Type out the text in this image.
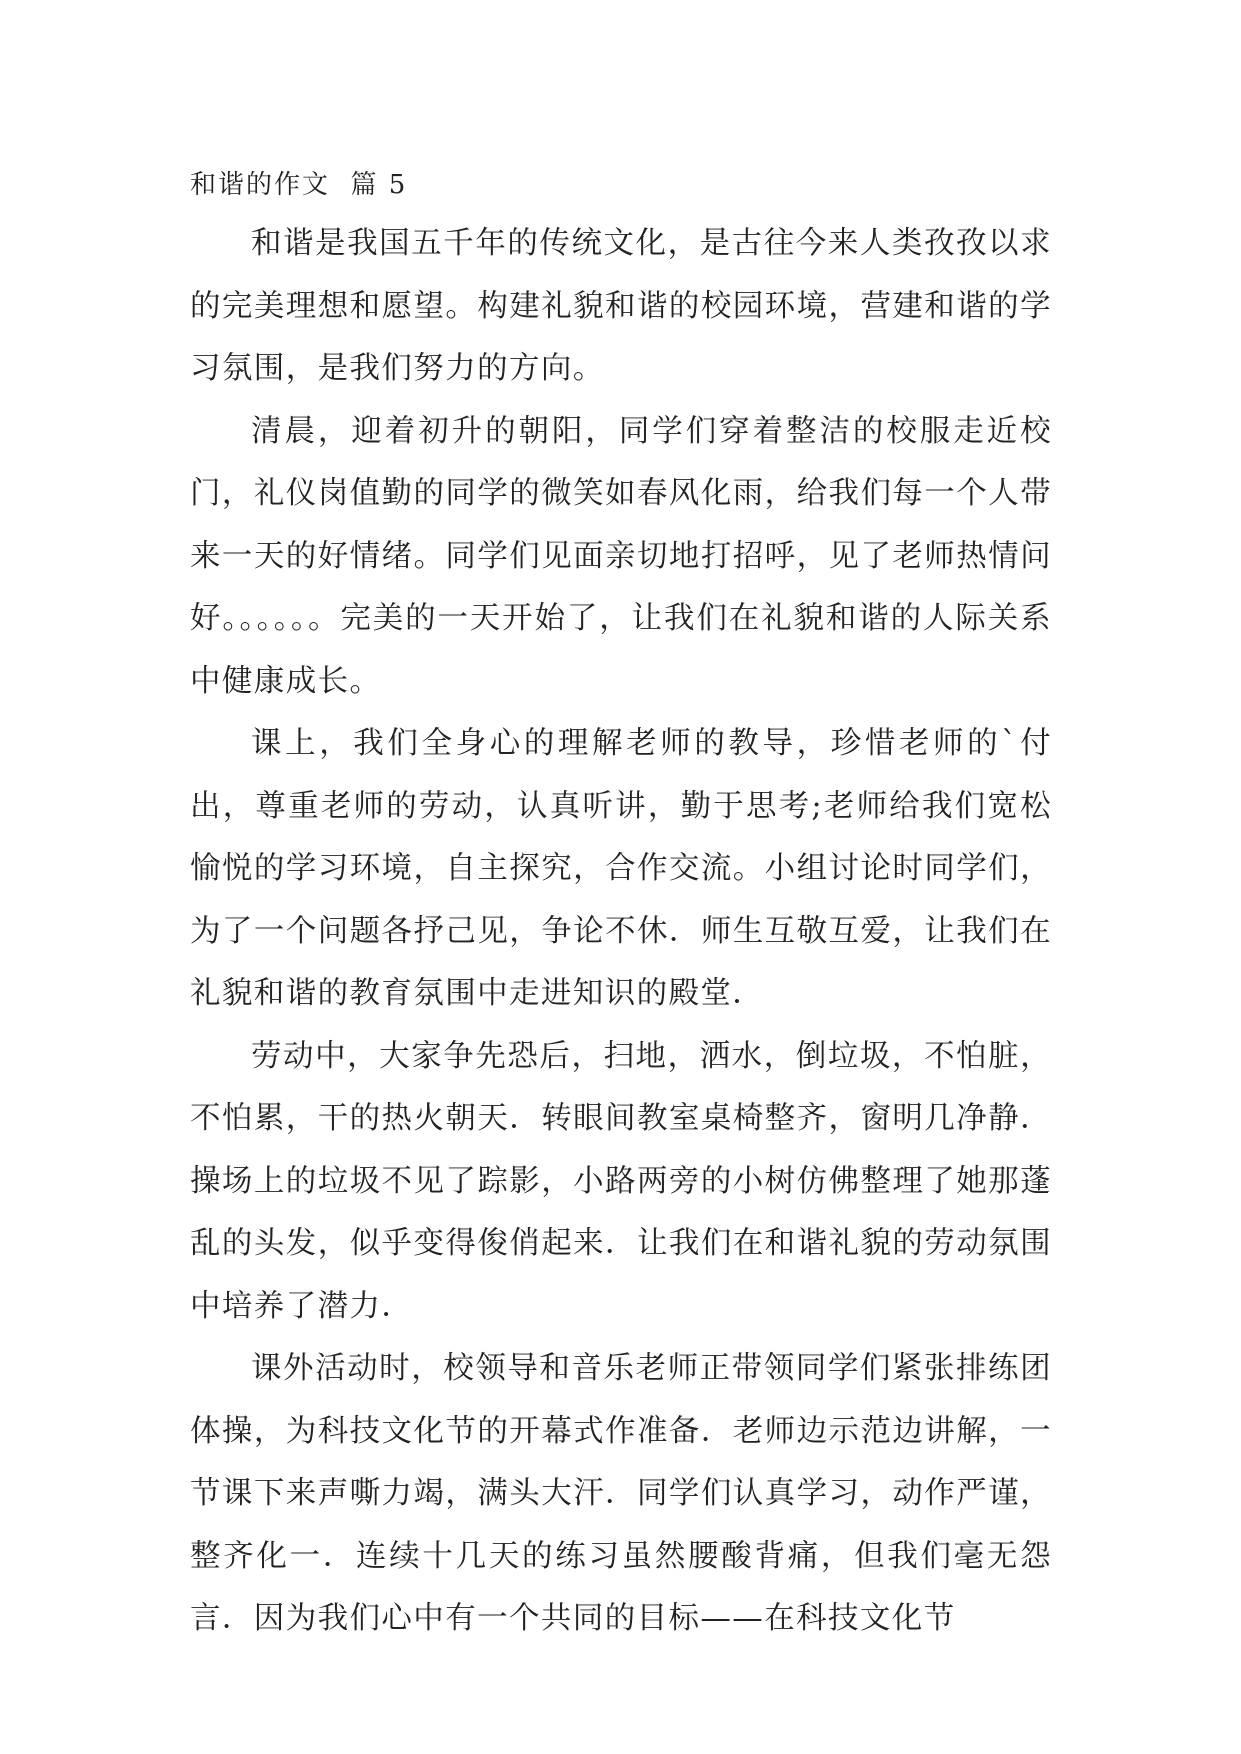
和谐的作文  篇 5

和谐是我国五千年的传统文化，是古往今来人类孜孜以求的完美理想和愿望。构建礼貌和谐的校园环境，营建和谐的学习氛围，是我们努力的方向。

清晨，迎着初升的朝阳，同学们穿着整洁的校服走近校门，礼仪岗值勤的同学的微笑如春风化雨，给我们每一个人带来一天的好情绪。同学们见面亲切地打招呼，见了老师热情问好。。。。。。完美的一天开始了，让我们在礼貌和谐的人际关系中健康成长。

课上，我们全身心的理解老师的教导，珍惜老师的`付出，尊重老师的劳动，认真听讲，勤于思考;老师给我们宽松愉悦的学习环境，自主探究，合作交流。小组讨论时同学们，为了一个问题各抒己见，争论不休．师生互敬互爱，让我们在礼貌和谐的教育氛围中走进知识的殿堂．

劳动中，大家争先恐后，扫地，洒水，倒垃圾，不怕脏，不怕累，干的热火朝天．转眼间教室桌椅整齐，窗明几净静．操场上的垃圾不见了踪影，小路两旁的小树仿佛整理了她那蓬乱的头发，似乎变得俊俏起来．让我们在和谐礼貌的劳动氛围中培养了潜力．

课外活动时，校领导和音乐老师正带领同学们紧张排练团体操，为科技文化节的开幕式作准备．老师边示范边讲解，一节课下来声嘶力竭，满头大汗．同学们认真学习，动作严谨，整齐化一．连续十几天的练习虽然腰酸背痛，但我们毫无怨言．因为我们心中有一个共同的目标——在科技文化节
